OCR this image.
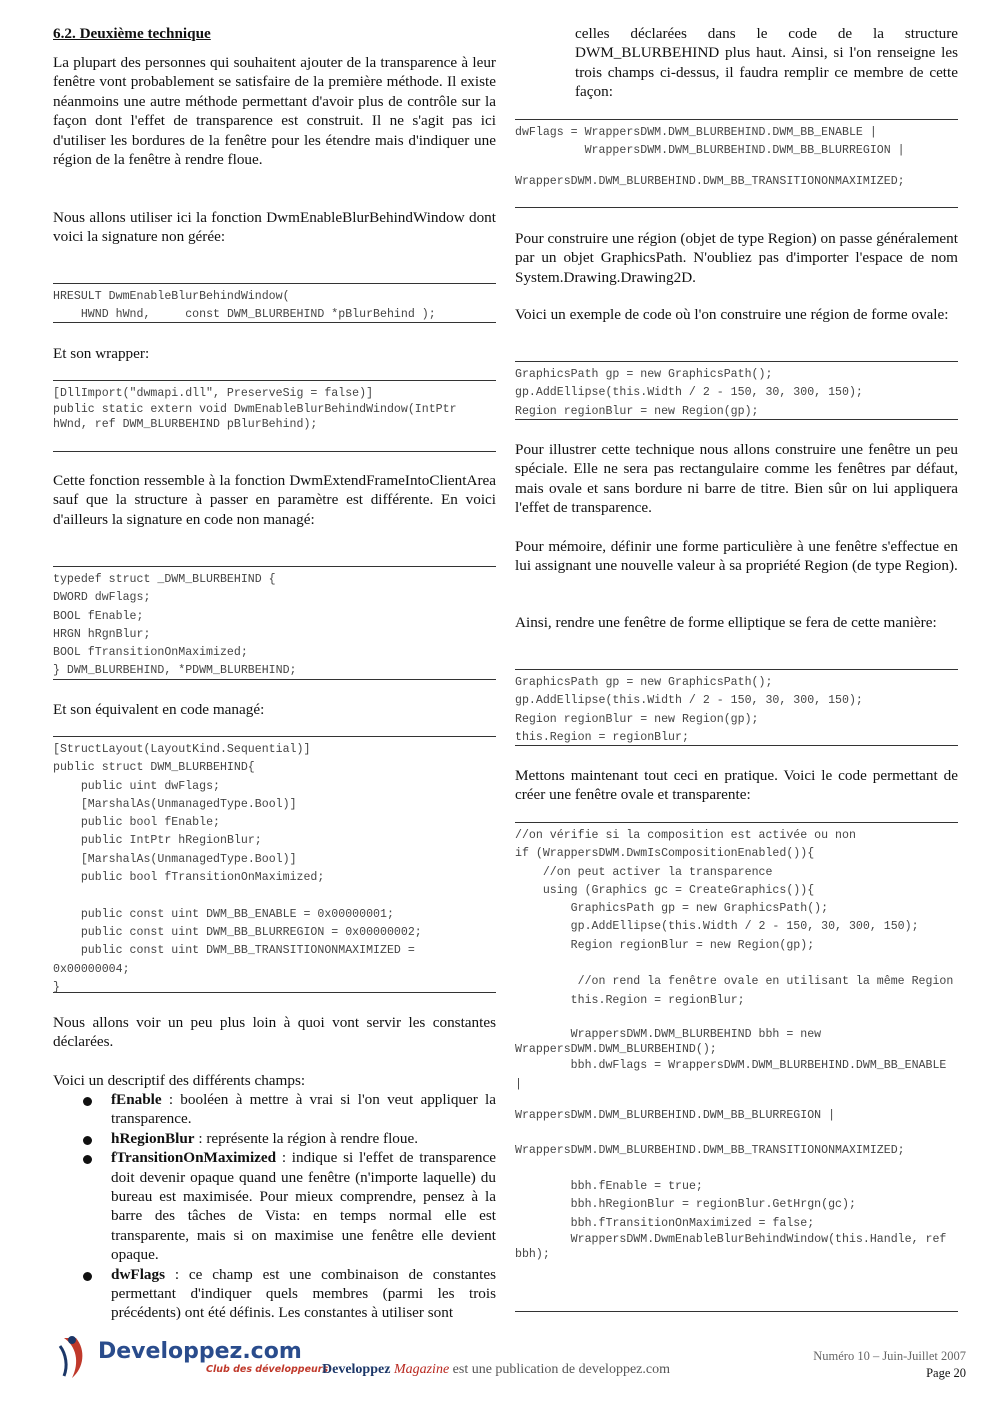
6.2. Deuxième technique

La plupart des personnes qui souhaitent ajouter de la transparence à leur fenêtre vont probablement se satisfaire de la première méthode. Il existe néanmoins une autre méthode permettant d'avoir plus de contrôle sur la façon dont l'effet de transparence est construit. Il ne s'agit pas ici d'utiliser les bordures de la fenêtre pour les étendre mais d'indiquer une région de la fenêtre à rendre floue.

Nous allons utiliser ici la fonction DwmEnableBlurBehindWindow dont voici la signature non gérée:

HRESULT DwmEnableBlurBehindWindow(
HWND hWnd,     const DWM_BLURBEHIND *pBlurBehind );

Et son wrapper:

[DllImport("dwmapi.dll", PreserveSig = false)]
public static extern void DwmEnableBlurBehindWindow(IntPtr hWnd, ref DWM_BLURBEHIND pBlurBehind);

Cette fonction ressemble à la fonction DwmExtendFrameIntoClientArea sauf que la structure à passer en paramètre est différente. En voici d'ailleurs la signature en code non managé:

typedef struct _DWM_BLURBEHIND {
DWORD dwFlags;
BOOL fEnable;
HRGN hRgnBlur;
BOOL fTransitionOnMaximized;
} DWM_BLURBEHIND, *PDWM_BLURBEHIND;

Et son équivalent en code managé:

[StructLayout(LayoutKind.Sequential)]
public struct DWM_BLURBEHIND{
public uint dwFlags;
[MarshalAs(UnmanagedType.Bool)]
public bool fEnable;
public IntPtr hRegionBlur;
[MarshalAs(UnmanagedType.Bool)]
public bool fTransitionOnMaximized;

public const uint DWM_BB_ENABLE = 0x00000001;
public const uint DWM_BB_BLURREGION = 0x00000002;
public const uint DWM_BB_TRANSITIONONMAXIMIZED = 0x00000004;
}

Nous allons voir un peu plus loin à quoi vont servir les constantes déclarées.

Voici un descriptif des différents champs:

fEnable : booléen à mettre à vrai si l'on veut appliquer la transparence.
hRegionBlur : représente la région à rendre floue.
fTransitionOnMaximized : indique si l'effet de transparence doit devenir opaque quand une fenêtre (n'importe laquelle) du bureau est maximisée. Pour mieux comprendre, pensez à la barre des tâches de Vista: en temps normal elle est transparente, mais si on maximise une fenêtre elle devient opaque.
dwFlags : ce champ est une combinaison de constantes permettant d'indiquer quels membres (parmi les trois précédents) ont été définis. Les constantes à utiliser sont

celles déclarées dans le code de la structure DWM_BLURBEHIND plus haut. Ainsi, si l'on renseigne les trois champs ci-dessus, il faudra remplir ce membre de cette façon:

dwFlags = WrappersDWM.DWM_BLURBEHIND.DWM_BB_ENABLE |
WrappersDWM.DWM_BLURBEHIND.DWM_BB_BLURREGION |
WrappersDWM.DWM_BLURBEHIND.DWM_BB_TRANSITIONONMAXIMIZED;

Pour construire une région (objet de type Region) on passe généralement par un objet GraphicsPath. N'oubliez pas d'importer l'espace de nom System.Drawing.Drawing2D.

Voici un exemple de code où l'on construire une région de forme ovale:

GraphicsPath gp = new GraphicsPath();
gp.AddEllipse(this.Width / 2 - 150, 30, 300, 150);
Region regionBlur = new Region(gp);

Pour illustrer cette technique nous allons construire une fenêtre un peu spéciale. Elle ne sera pas rectangulaire comme les fenêtres par défaut, mais ovale et sans bordure ni barre de titre. Bien sûr on lui appliquera l'effet de transparence.

Pour mémoire, définir une forme particulière à une fenêtre s'effectue en lui assignant une nouvelle valeur à sa propriété Region (de type Region).

Ainsi, rendre une fenêtre de forme elliptique se fera de cette manière:

GraphicsPath gp = new GraphicsPath();
gp.AddEllipse(this.Width / 2 - 150, 30, 300, 150);
Region regionBlur = new Region(gp);
this.Region = regionBlur;

Mettons maintenant tout ceci en pratique. Voici le code permettant de créer une fenêtre ovale et transparente:

//on vérifie si la composition est activée ou non
if (WrappersDWM.DwmIsCompositionEnabled()){
//on peut activer la transparence
using (Graphics gc = CreateGraphics()){
GraphicsPath gp = new GraphicsPath();
gp.AddEllipse(this.Width / 2 - 150, 30, 300, 150);
Region regionBlur = new Region(gp);

//on rend la fenêtre ovale en utilisant la même Region
this.Region = regionBlur;

WrappersDWM.DWM_BLURBEHIND bbh = new WrappersDWM.DWM_BLURBEHIND();
bbh.dwFlags = WrappersDWM.DWM_BLURBEHIND.DWM_BB_ENABLE |
WrappersDWM.DWM_BLURBEHIND.DWM_BB_BLURREGION |
WrappersDWM.DWM_BLURBEHIND.DWM_BB_TRANSITIONONMAXIMIZED;

bbh.fEnable = true;
bbh.hRegionBlur = regionBlur.GetHrgn(gc);
bbh.fTransitionOnMaximized = false;
WrappersDWM.DwmEnableBlurBehindWindow(this.Handle, ref bbh);
Developpez.com
Club des développeurs
Developpez Magazine est une publication de developpez.com
Numéro 10 – Juin-Juillet 2007
Page 20
